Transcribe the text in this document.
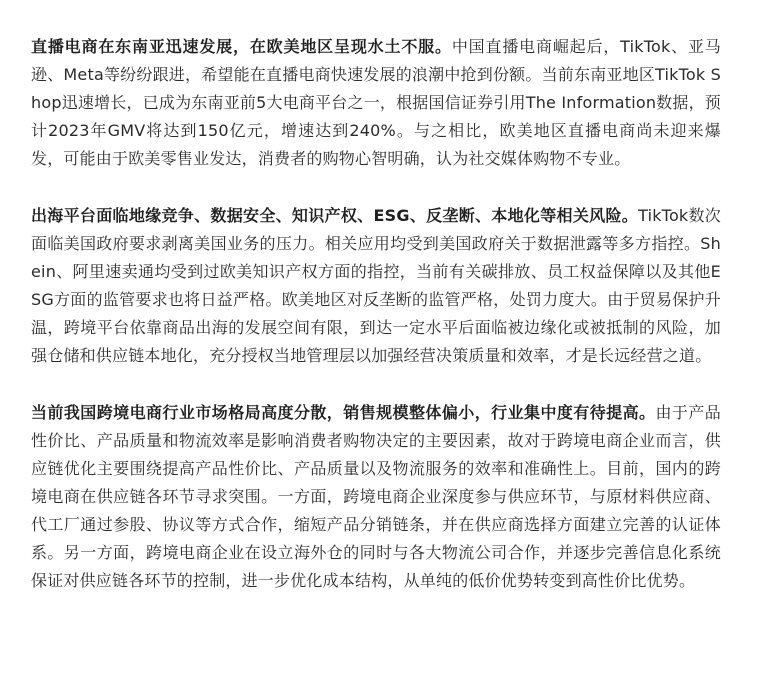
直播电商在东南亚迅速发展，在欧美地区呈现水土不服。中国直播电商崛起后，TikTok、亚马逊、Meta等纷纷跟进，希望能在直播电商快速发展的浪潮中抢到份额。当前东南亚地区TikTok Shop迅速增长，已成为东南亚前5大电商平台之一，根据国信证券引用The Information数据，预计2023年GMV将达到150亿元，增速达到240%。与之相比，欧美地区直播电商尚未迎来爆发，可能由于欧美零售业发达，消费者的购物心智明确，认为社交媒体购物不专业。

出海平台面临地缘竞争、数据安全、知识产权、ESG、反垄断、本地化等相关风险。TikTok数次面临美国政府要求剥离美国业务的压力。相关应用均受到美国政府关于数据泄露等多方指控。Shein、阿里速卖通均受到过欧美知识产权方面的指控，当前有关碳排放、员工权益保障以及其他ESG方面的监管要求也将日益严格。欧美地区对反垄断的监管严格，处罚力度大。由于贸易保护升温，跨境平台依靠商品出海的发展空间有限，到达一定水平后面临被边缘化或被抵制的风险，加强仓储和供应链本地化，充分授权当地管理层以加强经营决策质量和效率，才是长远经营之道。

当前我国跨境电商行业市场格局高度分散，销售规模整体偏小，行业集中度有待提高。由于产品性价比、产品质量和物流效率是影响消费者购物决定的主要因素，故对于跨境电商企业而言，供应链优化主要围绕提高产品性价比、产品质量以及物流服务的效率和准确性上。目前，国内的跨境电商在供应链各环节寻求突围。一方面，跨境电商企业深度参与供应环节，与原材料供应商、代工厂通过参股、协议等方式合作，缩短产品分销链条，并在供应商选择方面建立完善的认证体系。另一方面，跨境电商企业在设立海外仓的同时与各大物流公司合作，并逐步完善信息化系统保证对供应链各环节的控制，进一步优化成本结构，从单纯的低价优势转变到高性价比优势。
